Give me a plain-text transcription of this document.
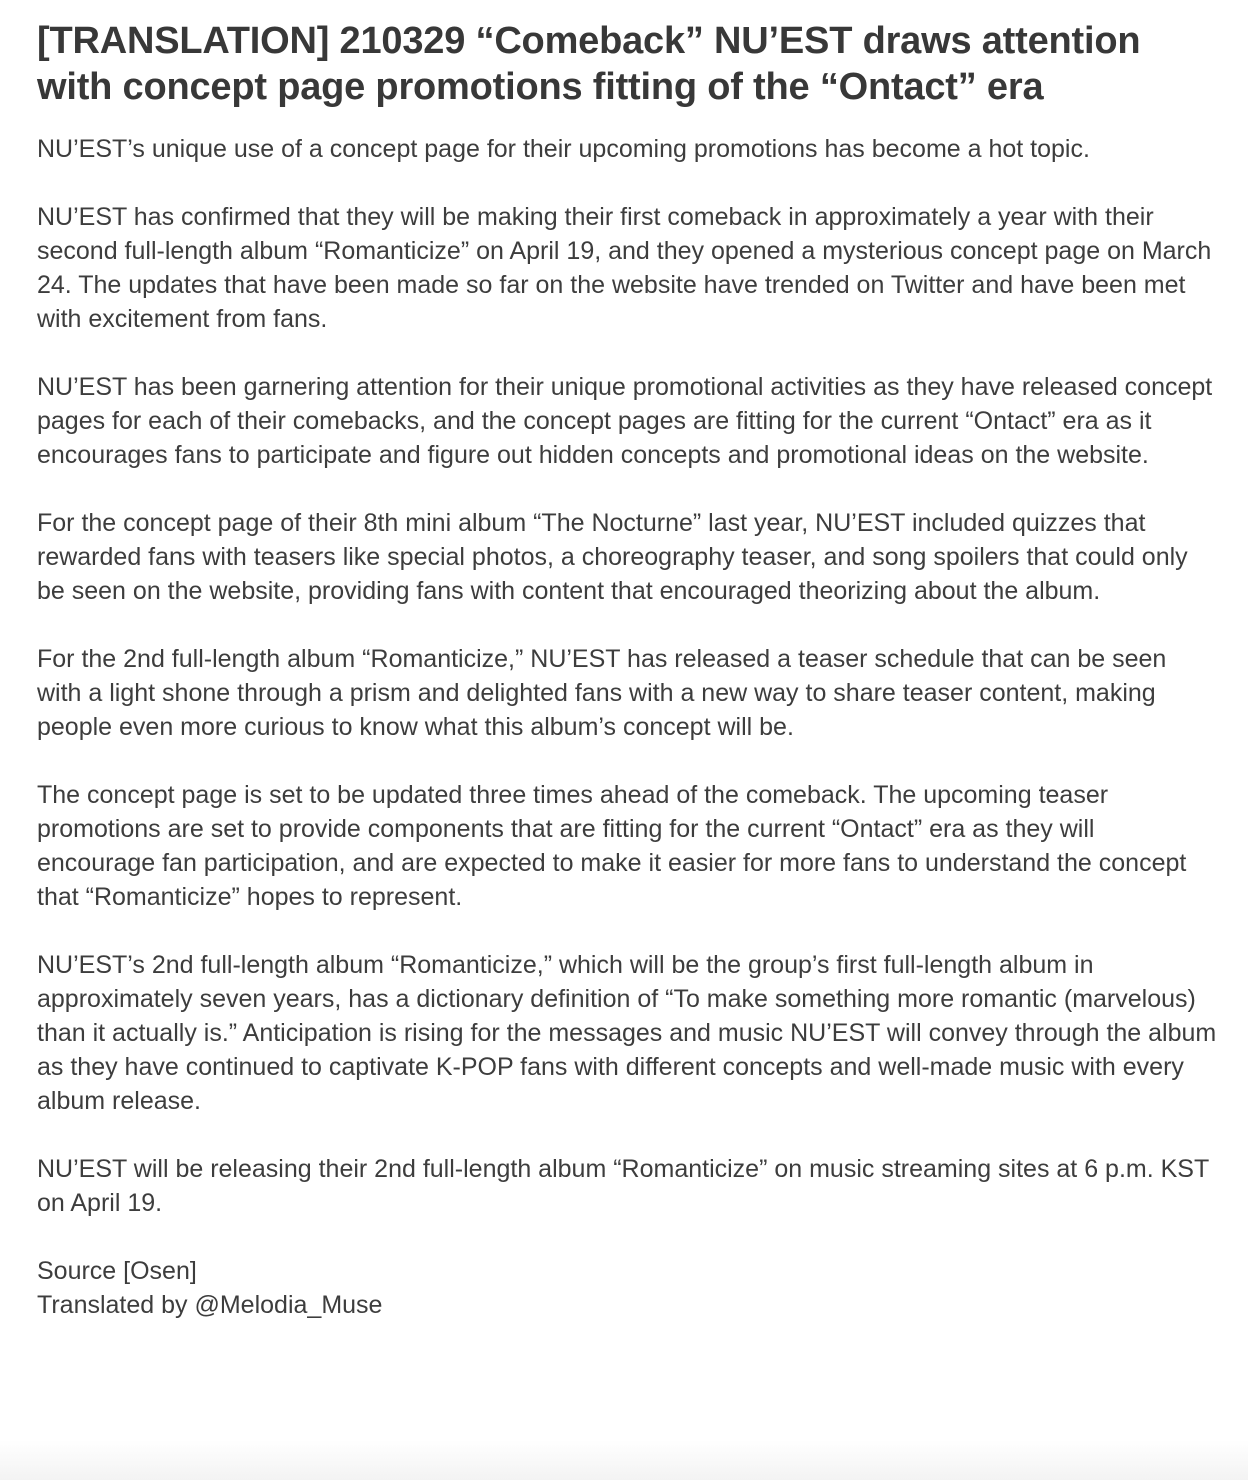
[TRANSLATION] 210329 “Comeback” NU’EST draws attention with concept page promotions fitting of the “Ontact” era

NU’EST’s unique use of a concept page for their upcoming promotions has become a hot topic.

NU’EST has confirmed that they will be making their first comeback in approximately a year with their second full-length album “Romanticize” on April 19, and they opened a mysterious concept page on March 24. The updates that have been made so far on the website have trended on Twitter and have been met with excitement from fans.

NU’EST has been garnering attention for their unique promotional activities as they have released concept pages for each of their comebacks, and the concept pages are fitting for the current “Ontact” era as it encourages fans to participate and figure out hidden concepts and promotional ideas on the website.

For the concept page of their 8th mini album “The Nocturne” last year, NU’EST included quizzes that rewarded fans with teasers like special photos, a choreography teaser, and song spoilers that could only be seen on the website, providing fans with content that encouraged theorizing about the album.

For the 2nd full-length album “Romanticize,” NU’EST has released a teaser schedule that can be seen with a light shone through a prism and delighted fans with a new way to share teaser content, making people even more curious to know what this album’s concept will be.

The concept page is set to be updated three times ahead of the comeback. The upcoming teaser promotions are set to provide components that are fitting for the current “Ontact” era as they will encourage fan participation, and are expected to make it easier for more fans to understand the concept that “Romanticize” hopes to represent.

NU’EST’s 2nd full-length album “Romanticize,” which will be the group’s first full-length album in approximately seven years, has a dictionary definition of “To make something more romantic (marvelous) than it actually is.” Anticipation is rising for the messages and music NU’EST will convey through the album as they have continued to captivate K-POP fans with different concepts and well-made music with every album release.

NU’EST will be releasing their 2nd full-length album “Romanticize” on music streaming sites at 6 p.m. KST on April 19.

Source [Osen]
Translated by @Melodia_Muse
